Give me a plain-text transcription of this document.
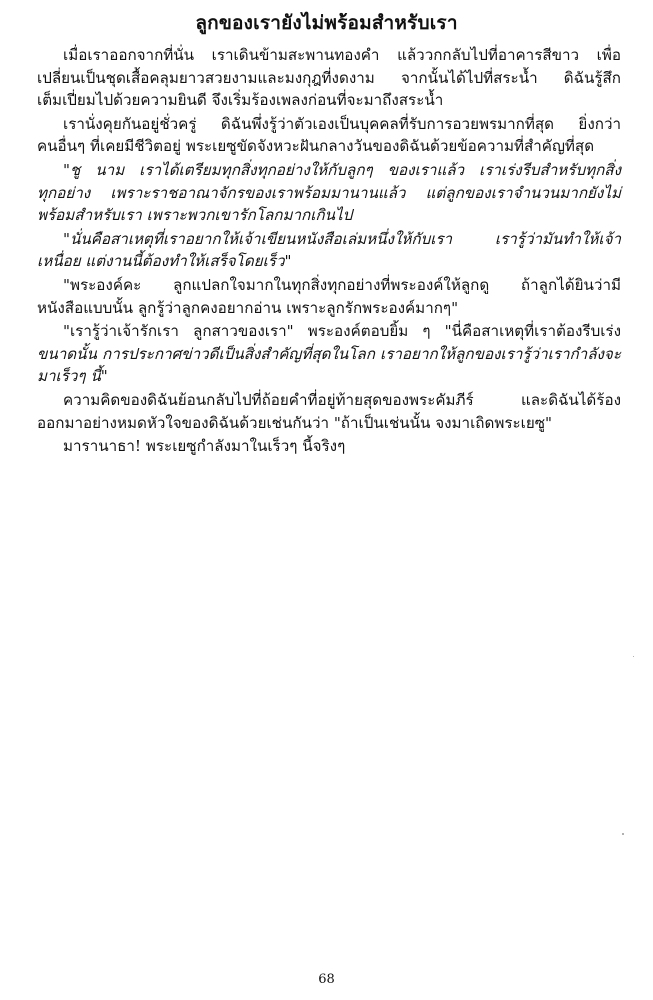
ลูกของเรายังไม่พร้อมสำหรับเรา
เมื่อเราออกจากที่นั่น เราเดินข้ามสะพานทองคำ แล้ววกกลับไปที่อาคารสีขาว เพื่อ
เปลี่ยนเป็นชุดเสื้อคลุมยาวสวยงามและมงกุฎที่งดงาม จากนั้นได้ไปที่สระน้ำ ดิฉันรู้สึก
เต็มเปี่ยมไปด้วยความยินดี จึงเริ่มร้องเพลงก่อนที่จะมาถึงสระน้ำ
เรานั่งคุยกันอยู่ชั่วครู่ ดิฉันพึ่งรู้ว่าตัวเองเป็นบุคคลที่รับการอวยพรมากที่สุด ยิ่งกว่า
คนอื่นๆ ที่เคยมีชีวิตอยู่ พระเยซูขัดจังหวะฝันกลางวันของดิฉันด้วยข้อความที่สำคัญที่สุด
"ชู นาม เราได้เตรียมทุกสิ่งทุกอย่างให้กับลูกๆ ของเราแล้ว เราเร่งรีบสำหรับทุกสิ่ง
ทุกอย่าง เพราะราชอาณาจักรของเราพร้อมมานานแล้ว แต่ลูกของเราจำนวนมากยังไม่
พร้อมสำหรับเรา เพราะพวกเขารักโลกมากเกินไป
"นั่นคือสาเหตุที่เราอยากให้เจ้าเขียนหนังสือเล่มหนึ่งให้กับเรา เรารู้ว่ามันทำให้เจ้า
เหนื่อย แต่งานนี้ต้องทำให้เสร็จโดยเร็ว"
"พระองค์คะ ลูกแปลกใจมากในทุกสิ่งทุกอย่างที่พระองค์ให้ลูกดู ถ้าลูกได้ยินว่ามี
หนังสือแบบนั้น ลูกรู้ว่าลูกคงอยากอ่าน เพราะลูกรักพระองค์มากๆ"
"เรารู้ว่าเจ้ารักเรา ลูกสาวของเรา" พระองค์ตอบยิ้ม ๆ "นี่คือสาเหตุที่เราต้องรีบเร่ง
ขนาดนั้น การประกาศข่าวดีเป็นสิ่งสำคัญที่สุดในโลก เราอยากให้ลูกของเรารู้ว่าเรากำลังจะ
มาเร็วๆ นี้"
ความคิดของดิฉันย้อนกลับไปที่ถ้อยคำที่อยู่ท้ายสุดของพระคัมภีร์ และดิฉันได้ร้อง
ออกมาอย่างหมดหัวใจของดิฉันด้วยเช่นกันว่า "ถ้าเป็นเช่นนั้น จงมาเถิดพระเยซู"
มารานาธา! พระเยซูกำลังมาในเร็วๆ นี้จริงๆ
68
